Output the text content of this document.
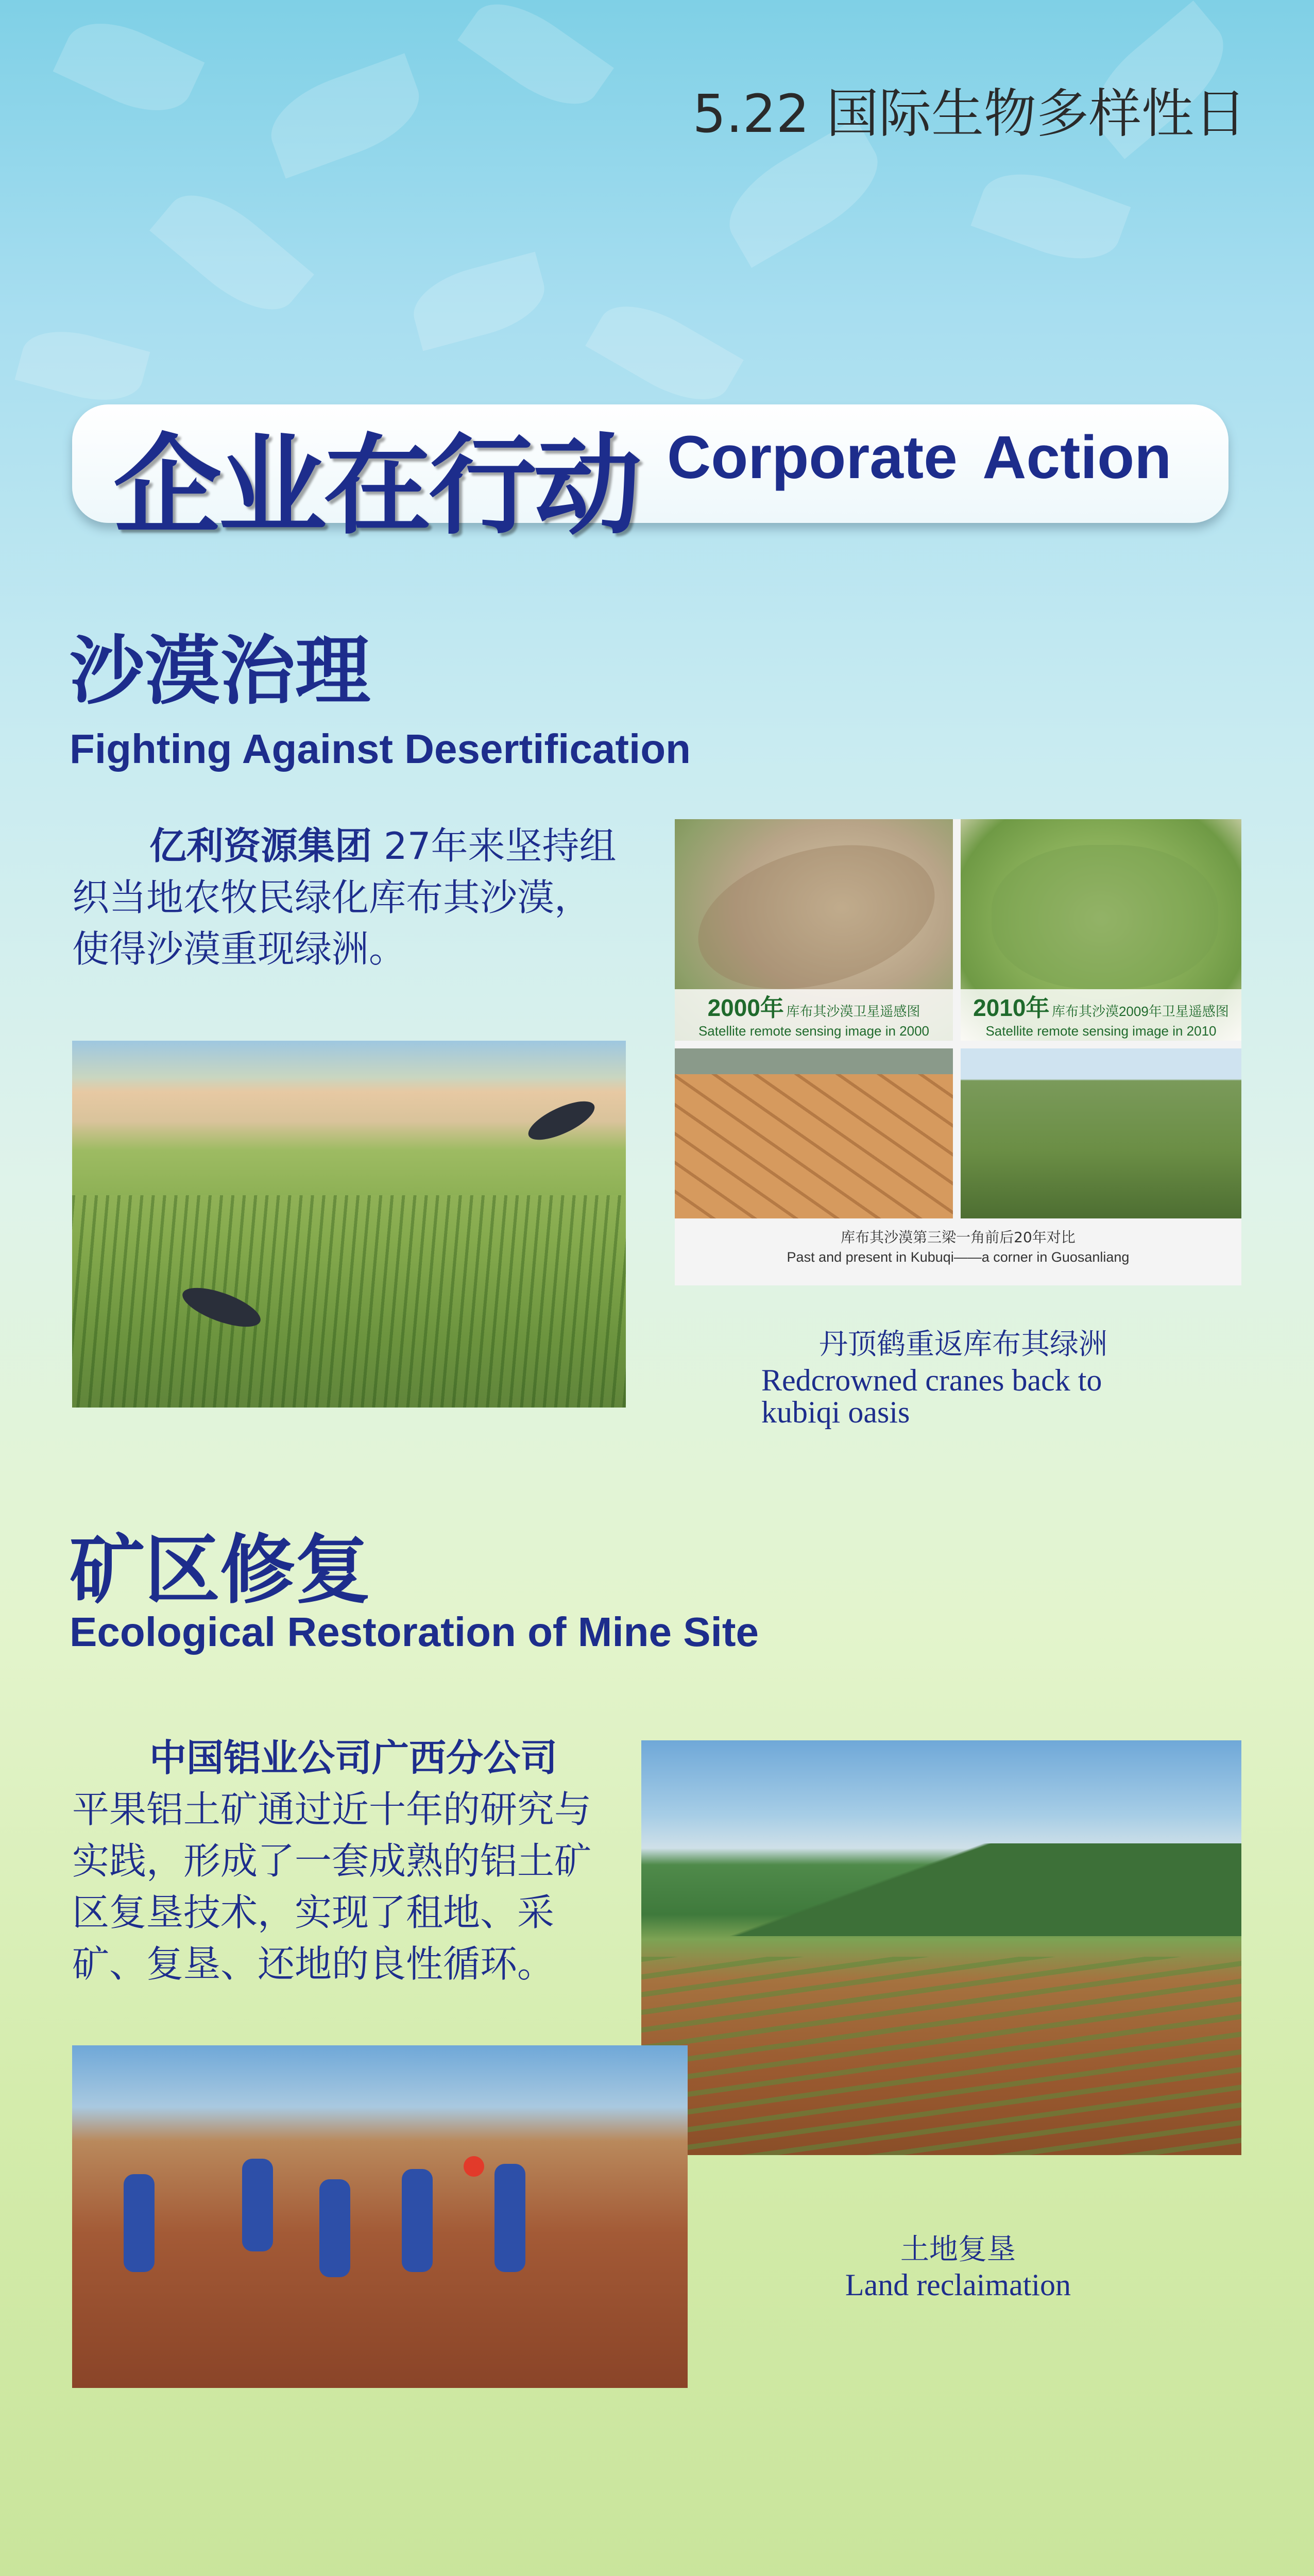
5.22 国际生物多样性日
企业在行动 Corporate Action
沙漠治理
Fighting Against Desertification
亿利资源集团 27年来坚持组织当地农牧民绿化库布其沙漠，使得沙漠重现绿洲。
2000年 库布其沙漠卫星遥感图
Satellite remote sensing image in 2000
2010年 库布其沙漠2009年卫星遥感图
Satellite remote sensing image in 2010
库布其沙漠第三梁一角前后20年对比
Past and present in Kubuqi——a corner in Guosanliang
丹顶鹤重返库布其绿洲
Redcrowned cranes back to kubiqi oasis
矿区修复
Ecological Restoration of Mine Site
中国铝业公司广西分公司 平果铝土矿通过近十年的研究与实践，形成了一套成熟的铝土矿区复垦技术，实现了租地、采矿、复垦、还地的良性循环。
土地复垦
Land reclaimation
